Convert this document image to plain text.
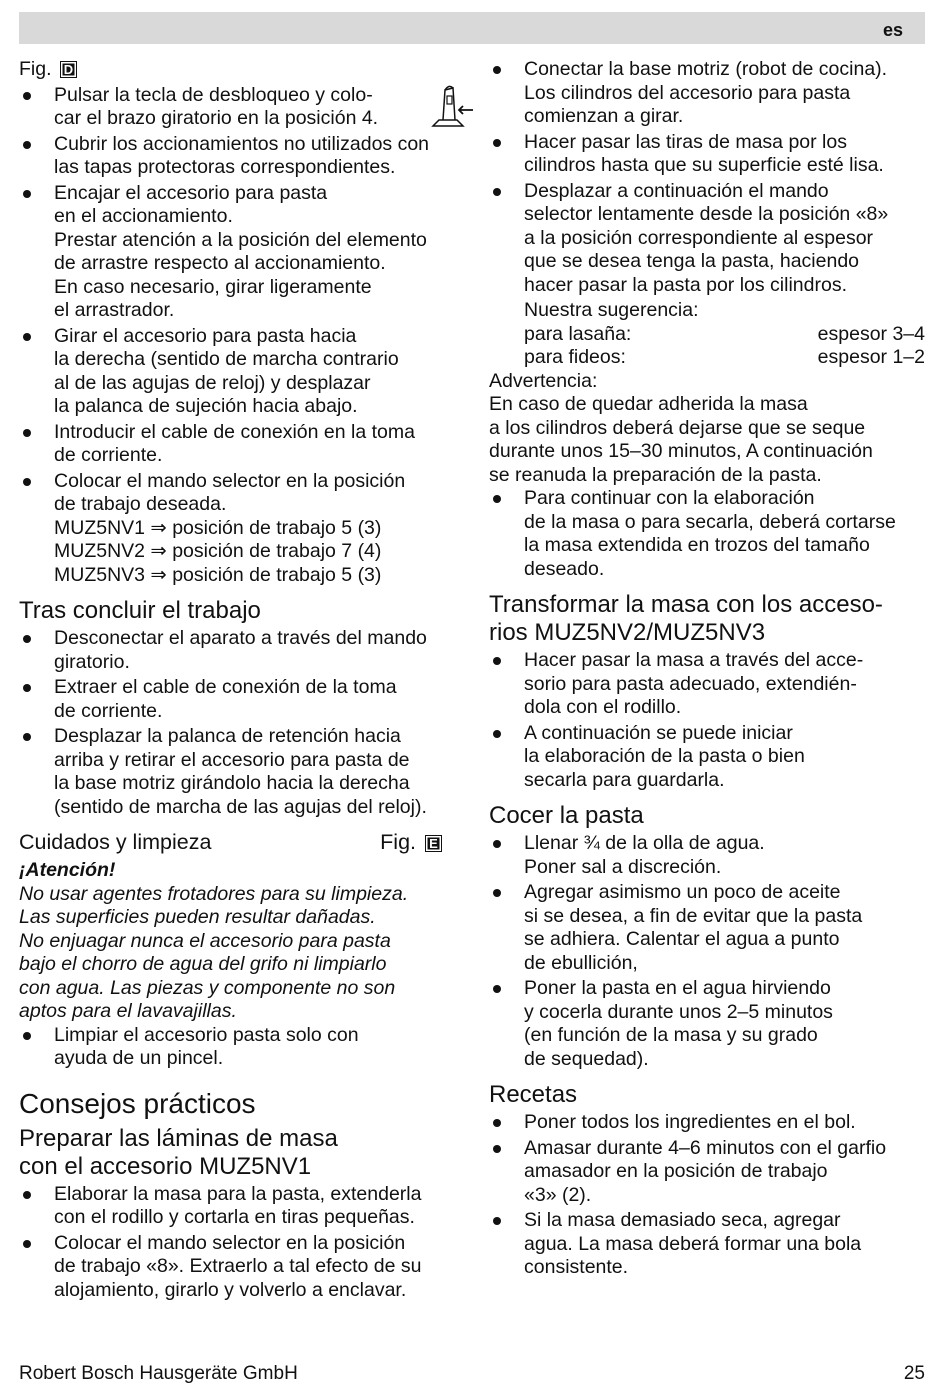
es
Fig. D
Pulsar la tecla de desbloqueo y colo-
car el brazo giratorio en la posición 4.
Cubrir los accionamientos no utilizados con
las tapas protectoras correspondientes.
Encajar el accesorio para pasta
en el accionamiento.
Prestar atención a la posición del elemento
de arrastre respecto al accionamiento.
En caso necesario, girar ligeramente
el arrastrador.
Girar el accesorio para pasta hacia
la derecha (sentido de marcha contrario
al de las agujas de reloj) y desplazar
la palanca de sujeción hacia abajo.
Introducir el cable de conexión en la toma
de corriente.
Colocar el mando selector en la posición
de trabajo deseada.
MUZ5NV1 ⇒ posición de trabajo 5 (3)
MUZ5NV2 ⇒ posición de trabajo 7 (4)
MUZ5NV3 ⇒ posición de trabajo 5 (3)
Tras concluir el trabajo
Desconectar el aparato a través del mando
giratorio.
Extraer el cable de conexión de la toma
de corriente.
Desplazar la palanca de retención hacia
arriba y retirar el accesorio para pasta de
la base motriz girándolo hacia la derecha
(sentido de marcha de las agujas del reloj).
Cuidados y limpieza	Fig. E
¡Atención!
No usar agentes frotadores para su limpieza.
Las superficies pueden resultar dañadas.
No enjuagar nunca el accesorio para pasta
bajo el chorro de agua del grifo ni limpiarlo
con agua. Las piezas y componente no son
aptos para el lavavajillas.
Limpiar el accesorio pasta solo con
ayuda de un pincel.
Consejos prácticos
Preparar las láminas de masa
con el accesorio MUZ5NV1
Elaborar la masa para la pasta, extenderla
con el rodillo y cortarla en tiras pequeñas.
Colocar el mando selector en la posición
de trabajo «8». Extraerlo a tal efecto de su
alojamiento, girarlo y volverlo a enclavar.
Conectar la base motriz (robot de cocina).
Los cilindros del accesorio para pasta
comienzan a girar.
Hacer pasar las tiras de masa por los
cilindros hasta que su superficie esté lisa.
Desplazar a continuación el mando
selector lentamente desde la posición «8»
a la posición correspondiente al espesor
que se desea tenga la pasta, haciendo
hacer pasar la pasta por los cilindros.
Nuestra sugerencia:
para lasaña:	espesor 3–4
para fideos:	espesor 1–2
Advertencia:
En caso de quedar adherida la masa
a los cilindros deberá dejarse que se seque
durante unos 15–30 minutos, A continuación
se reanuda la preparación de la pasta.
Para continuar con la elaboración
de la masa o para secarla, deberá cortarse
la masa extendida en trozos del tamaño
deseado.
Transformar la masa con los acceso-
rios MUZ5NV2/MUZ5NV3
Hacer pasar la masa a través del acce-
sorio para pasta adecuado, extendién-
dola con el rodillo.
A continuación se puede iniciar
la elaboración de la pasta o bien
secarla para guardarla.
Cocer la pasta
Llenar ¾ de la olla de agua.
Poner sal a discreción.
Agregar asimismo un poco de aceite
si se desea, a fin de evitar que la pasta
se adhiera. Calentar el agua a punto
de ebullición,
Poner la pasta en el agua hirviendo
y cocerla durante unos 2–5 minutos
(en función de la masa y su grado
de sequedad).
Recetas
Poner todos los ingredientes en el bol.
Amasar durante 4–6 minutos con el garfio
amasador en la posición de trabajo
«3» (2).
Si la masa demasiado seca, agregar
agua. La masa deberá formar una bola
consistente.
Robert Bosch Hausgeräte GmbH	25
